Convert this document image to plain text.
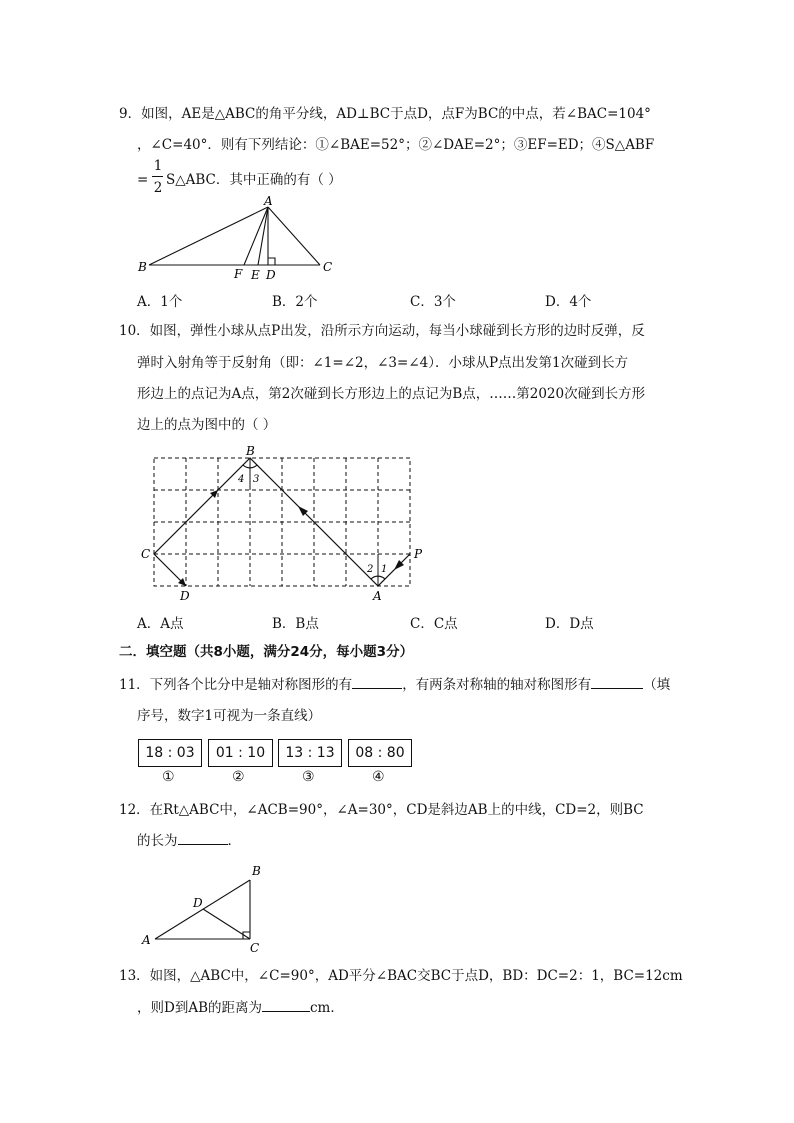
9．如图，AE是△ABC的角平分线，AD⊥BC于点D，点F为BC的中点，若∠BAC=104°
，∠C=40°．则有下列结论：①∠BAE=52°；②∠DAE=2°；③EF=ED；④S△ABF
=
1
2 S△ABC．其中正确的有（ ）
A
B	C
F E D
A．1个	B．2个	C．3个	D．4个
10．如图，弹性小球从点P出发，沿所示方向运动，每当小球碰到长方形的边时反弹，反
弹时入射角等于反射角（即：∠1=∠2，∠3=∠4）．小球从P点出发第1次碰到长方
形边上的点记为A点，第2次碰到长方形边上的点记为B点，……第2020次碰到长方形
边上的点为图中的（ ）
B
C
D	A
P
4 3
2 1
A．A点	B．B点	C．C点	D．D点
二．填空题（共8小题，满分24分，每小题3分）
11．下列各个比分中是轴对称图形的有	，有两条对称轴的轴对称图形有	（填
序号，数字1可视为一条直线）
18 : 03	01 : 10	13 : 13	08 : 80
①	②	③	④
12．在Rt△ABC中，∠ACB=90°，∠A=30°，CD是斜边AB上的中线，CD=2，则BC
的长为	．
B
D
A
C
13．如图，△ABC中，∠C=90°，AD平分∠BAC交BC于点D，BD：DC=2：1，BC=12cm
，则D到AB的距离为	cm．
